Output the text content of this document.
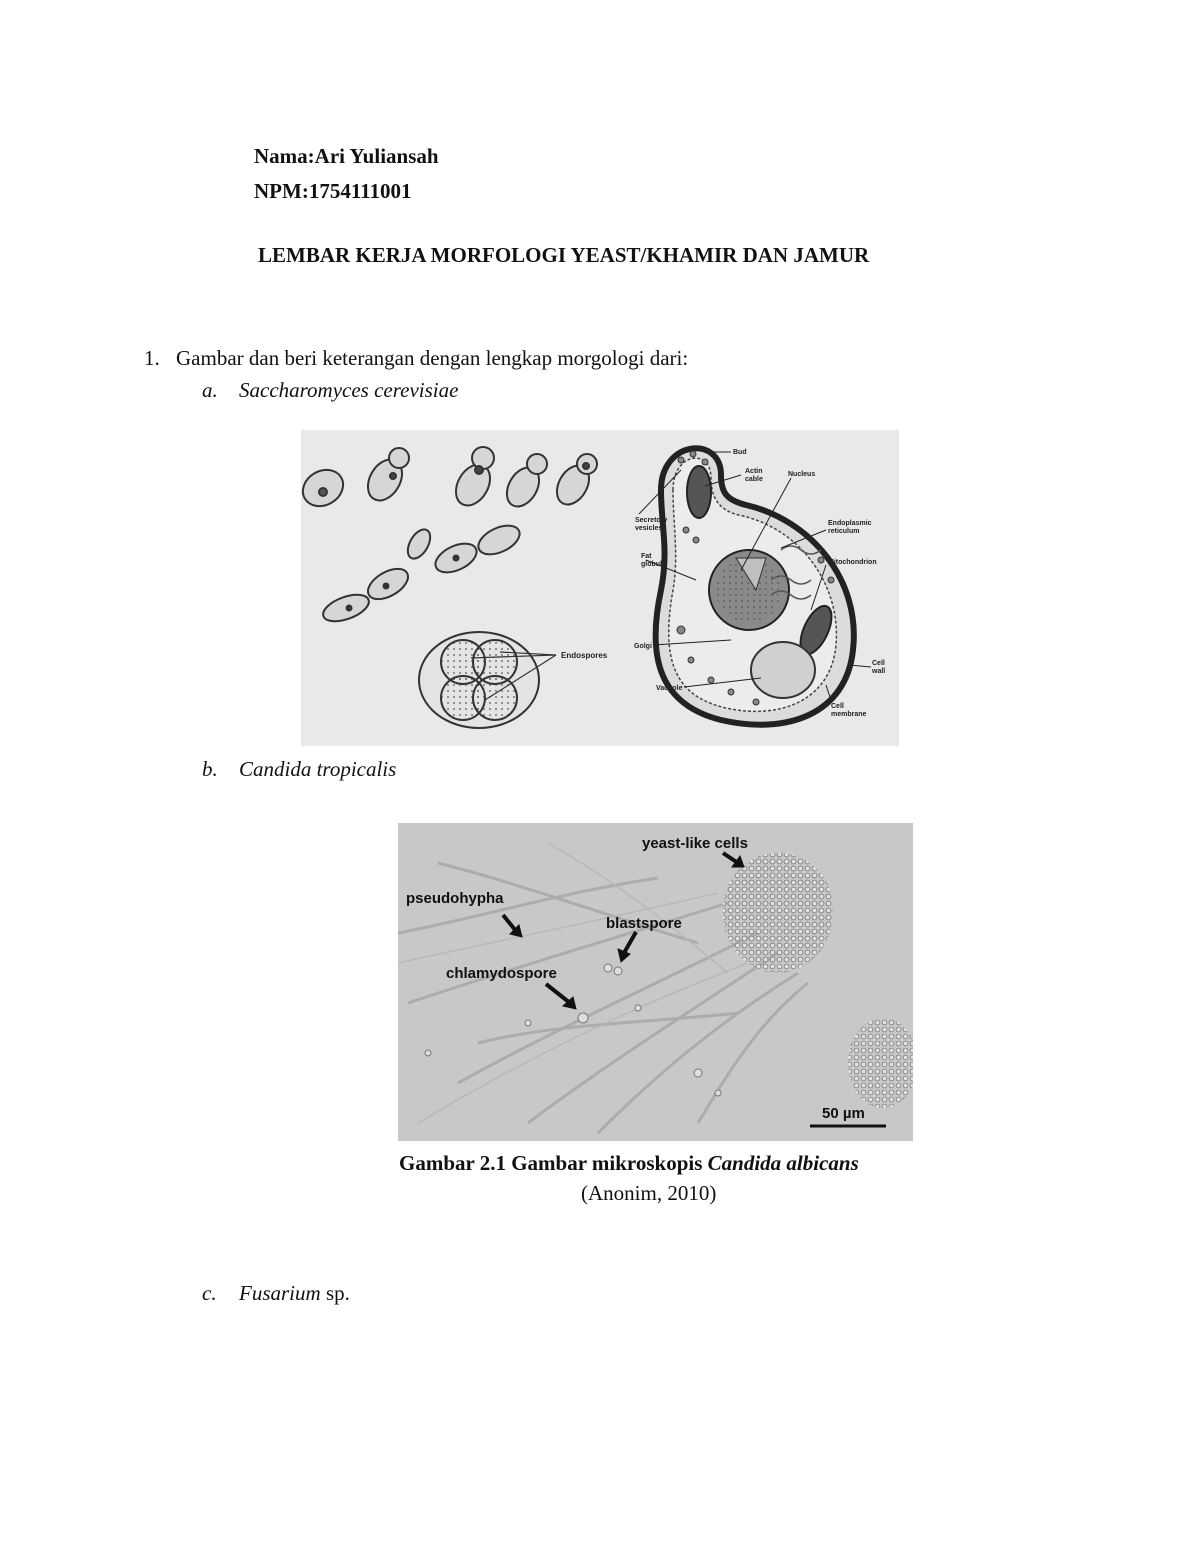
Nama:Ari Yuliansah
NPM:1754111001
LEMBAR KERJA MORFOLOGI YEAST/KHAMIR DAN JAMUR
1. Gambar dan beri keterangan dengan lengkap morgologi dari:
a. Saccharomyces cerevisiae
Endospores
Bud
Actin
cable
Nucleus
Secretory
vesicles
Endoplasmic
reticulum
Fat
globule	Mitochondrion
Golgi
Vacuole
Cell
wall
Cell
membrane
b. Candida tropicalis
yeast-like cells
pseudohypha
blastspore
chlamydospore
50 µm
Gambar 2.1 Gambar mikroskopis Candida albicans
(Anonim, 2010)
c. Fusarium sp.
